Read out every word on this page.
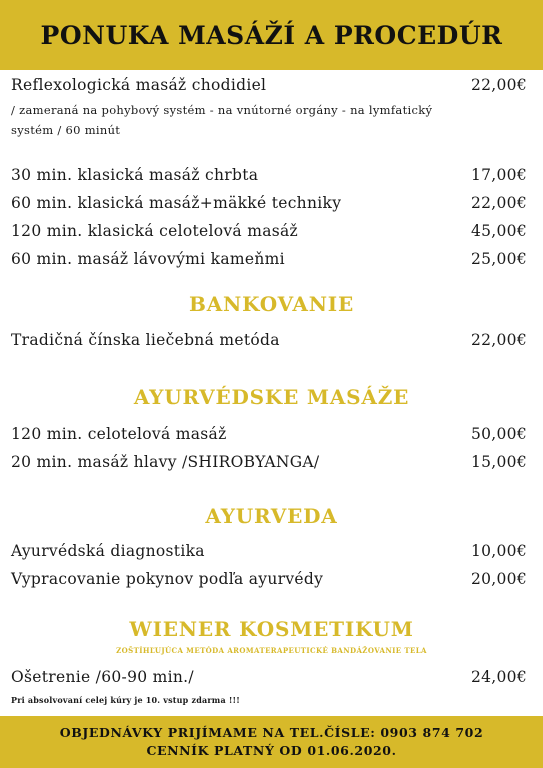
PONUKA MASÁŽÍ A PROCEDÚR
Reflexologická masáž chodidiel	22,00€
/ zameraná na pohybový systém - na vnútorné orgány - na lymfatický
systém / 60 minút
30 min. klasická masáž chrbta	17,00€
60 min. klasická masáž+mäkké techniky	22,00€
120 min. klasická celotelová masáž	45,00€
60 min. masáž lávovými kameňmi	25,00€
BANKOVANIE
Tradičná čínska liečebná metóda	22,00€
AYURVÉDSKE MASÁŽE
120 min. celotelová masáž	50,00€
20 min. masáž hlavy /SHIROBYANGA/	15,00€
AYURVEDA
Ayurvédská diagnostika	10,00€
Vypracovanie pokynov podľa ayurvédy	20,00€
WIENER KOSMETIKUM
ZOŠTÍHĽUJÚCA METÓDA AROMATERAPEUTICKÉ BANDÁŽOVANIE TELA
Ošetrenie /60-90 min./	24,00€
Pri absolvovaní celej kúry je 10. vstup zdarma !!!
OBJEDNÁVKY PRIJÍMAME NA TEL.ČÍSLE: 0903 874 702
CENNÍK PLATNÝ OD 01.06.2020.
